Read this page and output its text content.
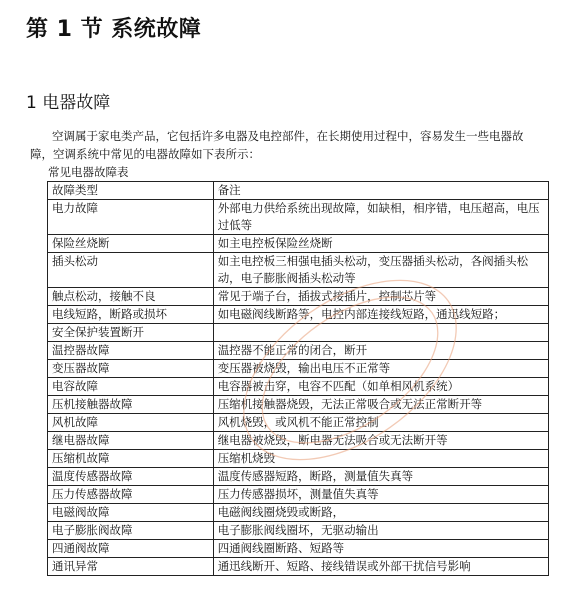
第 1 节 系统故障
1 电器故障

空调属于家电类产品，它包括许多电器及电控部件，在长期使用过程中，容易发生一些电器故障，空调系统中常见的电器故障如下表所示：

常见电器故障表

故障类型	备注
电力故障	外部电力供给系统出现故障，如缺相，相序错，电压超高，电压过低等
保险丝烧断	如主电控板保险丝烧断
插头松动	如主电控板三相强电插头松动，变压器插头松动，各阀插头松动，电子膨胀阀插头松动等
触点松动，接触不良	常见于端子台，插拔式接插片，控制芯片等
电线短路，断路或损坏	如电磁阀线断路等，电控内部连接线短路，通迅线短路；
安全保护装置断开	
温控器故障	温控器不能正常的闭合，断开
变压器故障	变压器被烧毁，输出电压不正常等
电容故障	电容器被击穿，电容不匹配（如单相风机系统）
压机接触器故障	压缩机接触器烧毁，无法正常吸合或无法正常断开等
风机故障	风机烧毁，或风机不能正常控制
继电器故障	继电器被烧毁，断电器无法吸合或无法断开等
压缩机故障	压缩机烧毁
温度传感器故障	温度传感器短路，断路，测量值失真等
压力传感器故障	压力传感器损坏，测量值失真等
电磁阀故障	电磁阀线圈烧毁或断路，
电子膨胀阀故障	电子膨胀阀线圈坏，无驱动输出
四通阀故障	四通阀线圈断路、短路等
通讯异常	通迅线断开、短路、接线错误或外部干扰信号影响
